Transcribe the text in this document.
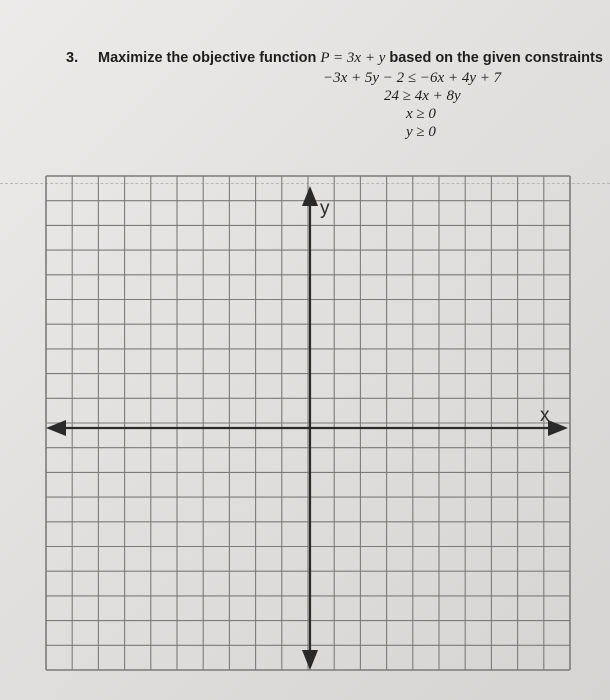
3. Maximize the objective function P = 3x + y based on the given constraints
−3x + 5y − 2 ≤ −6x + 4y + 7
24 ≥ 4x + 8y
x ≥ 0
y ≥ 0
x
y
